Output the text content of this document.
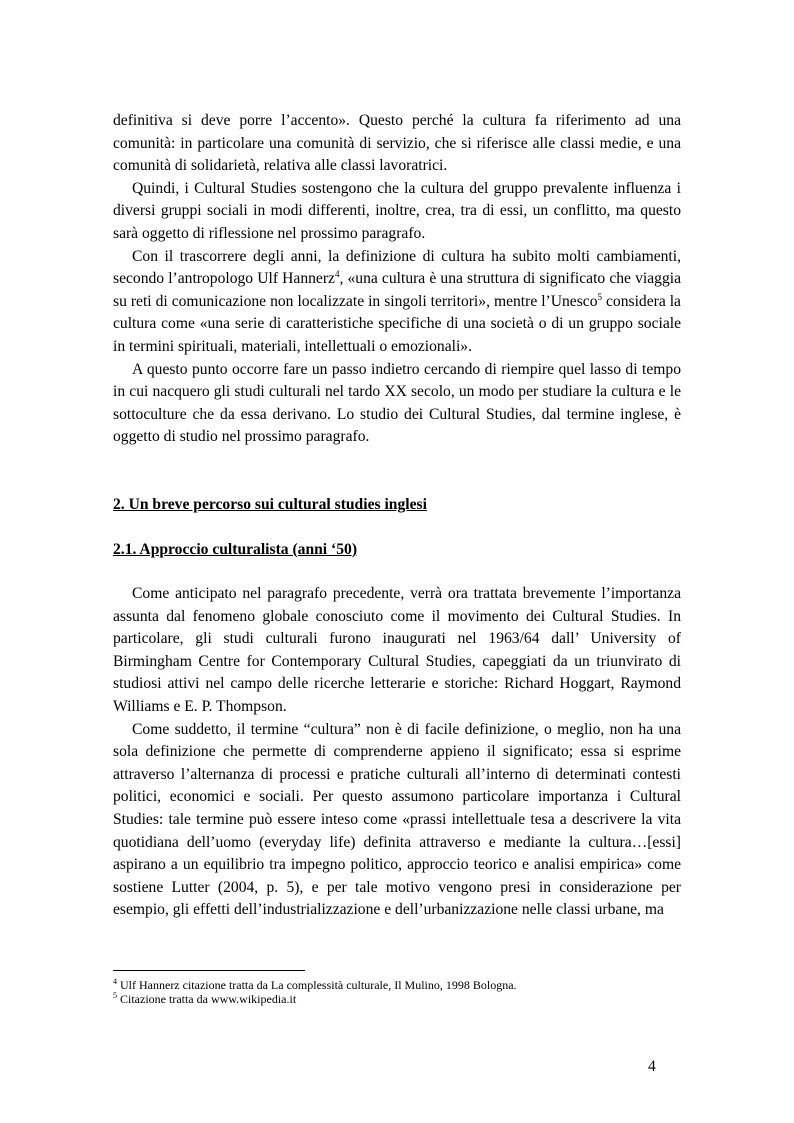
definitiva si deve porre l’accento». Questo perché la cultura fa riferimento ad una comunità: in particolare una comunità di servizio, che si riferisce alle classi medie, e una comunità di solidarietà, relativa alle classi lavoratrici.

Quindi, i Cultural Studies sostengono che la cultura del gruppo prevalente influenza i diversi gruppi sociali in modi differenti, inoltre, crea, tra di essi, un conflitto, ma questo sarà oggetto di riflessione nel prossimo paragrafo.

Con il trascorrere degli anni, la definizione di cultura ha subito molti cambiamenti, secondo l’antropologo Ulf Hannerz$^4$, «una cultura è una struttura di significato che viaggia su reti di comunicazione non localizzate in singoli territori», mentre l’Unesco$^5$ considera la cultura come «una serie di caratteristiche specifiche di una società o di un gruppo sociale in termini spirituali, materiali, intellettuali o emozionali».

A questo punto occorre fare un passo indietro cercando di riempire quel lasso di tempo in cui nacquero gli studi culturali nel tardo XX secolo, un modo per studiare la cultura e le sottoculture che da essa derivano. Lo studio dei Cultural Studies, dal termine inglese, è oggetto di studio nel prossimo paragrafo.

2. Un breve percorso sui cultural studies inglesi

2.1. Approccio culturalista (anni ‘50)

Come anticipato nel paragrafo precedente, verrà ora trattata brevemente l’importanza assunta dal fenomeno globale conosciuto come il movimento dei Cultural Studies. In particolare, gli studi culturali furono inaugurati nel 1963/64 dall’ University of Birmingham Centre for Contemporary Cultural Studies, capeggiati da un triunvirato di studiosi attivi nel campo delle ricerche letterarie e storiche: Richard Hoggart, Raymond Williams e E. P. Thompson.

Come suddetto, il termine “cultura” non è di facile definizione, o meglio, non ha una sola definizione che permette di comprenderne appieno il significato; essa si esprime attraverso l’alternanza di processi e pratiche culturali all’interno di determinati contesti politici, economici e sociali. Per questo assumono particolare importanza i Cultural Studies: tale termine può essere inteso come «prassi intellettuale tesa a descrivere la vita quotidiana dell’uomo (everyday life) definita attraverso e mediante la cultura…[essi] aspirano a un equilibrio tra impegno politico, approccio teorico e analisi empirica» come sostiene Lutter (2004, p. 5), e per tale motivo vengono presi in considerazione per esempio, gli effetti dell’industrializzazione e dell’urbanizzazione nelle classi urbane, ma

$^4$ Ulf Hannerz citazione tratta da La complessità culturale, Il Mulino, 1998 Bologna.

$^5$ Citazione tratta da www.wikipedia.it

4
